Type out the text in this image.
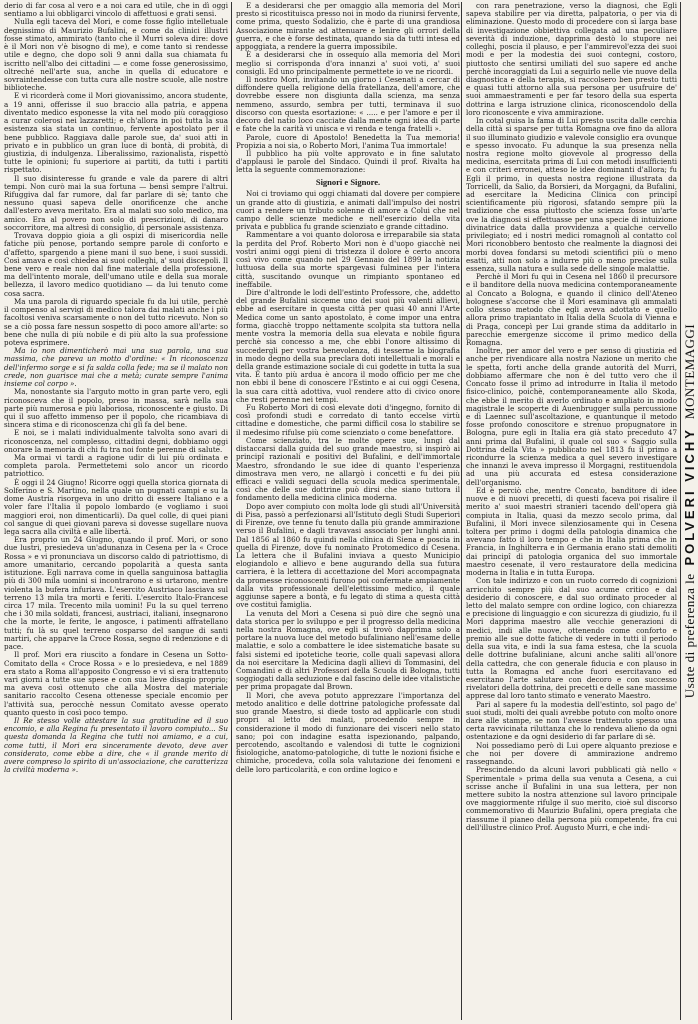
derio di far cosa al vero e a noi cara ed utile, che in dì oggi sentiamo a lui obbligarci vincolo di affettuosi e grati sensi.

Nulla egli taceva del Mori, e come fosse figlio intelletuale degnissimo di Maurizio Bufalini, e come da clinici illustri fosse stimato, ammirato (tanto che il Murri soleva dire: dove è il Mori non v'è bisogno di me), e come tanto si rendesse utile e degno, che dopo soli 9 anni dalla sua chiamata fu iscritto nell'albo dei cittadini — e come fosse generosissimo, oltreché nell'arte sua, anche in quella di educatore e sovraintendesse con tutta cura alle nostre scuole, alle nostre biblioteche.

E vi ricorderà come il Mori giovanissimo, ancora studente, a 19 anni, offerisse il suo braccio alla patria, e appena diventato medico esponesse la vita nel modo più coraggioso a curar colerosi nei lazzaretti; e ch'allora in poi tutta la sua esistenza sia stata un continuo, fervente apostolato per il bene pubblico. Raggiava dalle parole sue, da' suoi atti in privato e in pubblico un gran luce di bontà, di probità, di giustizia, di indulgenza. Liberalissimo, razionalista, rispettò tutte le opinioni; fu superiore ai partiti, da tutti i partiti rispettato.

Il suo disinteresse fu grande e vale da parere di altri tempi. Non curò mai la sua fortuna — bensì sempre l'altrui. Rifuggiva dal far rumore, dal far parlare di sè; tanto che nessuno quasi sapeva delle onorificenze che anche dall'estero aveva meritato. Era al malati suo solo medico, ma amico. Era al povero non solo di prescrizioni, di danaro soccorritore, ma altresì di consiglio, di personale assistenza.

Trovava doppio gioia a gli ospizi di misericordia nelle fatiche più penose, portando sempre parole di conforto e d'affetto, spargendo a piene mani il suo bene, i suoi sussidi. Così amava e così chiedea ai suoi colleghi, a' suoi discepoli. Il bene vero e reale non dal fine materiale della professione, ma dell'intento morale, dell'umano utile e della sua morale bellezza, il lavoro medico quotidiano — da lui tenuto come cosa sacra.

Ma una parola di riguardo speciale fu da lui utile, perchè il compenso al servigi di medico talora dai malati anche i più facoltosi veniva scarsamente o non del tutto ricevuto. Non so se a ciò possa fare nessun sospetto di poco amore all'arte: so bene che nulla di più nobile e di più alto la sua professione poteva esprimere.

Ma io non dimenticherò mai una sua parola, una sua massima, che pareva un motto d'ordine: « In riconoscenza dell'infermo sorge e si fa salda colla fede; ma se il malato non crede, non guarisce mai che a metà; curate sempre l'anima insieme col corpo ».

Ma, nonostante sia l'arguto motto in gran parte vero, egli riconosceva che il popolo, preso in massa, sarà nella sua parte più numerosa e più laboriosa, riconoscente e giusto. Di qui il suo affetto immenso per il popolo, che ricambiava di sincera stima e di riconoscenza chi gli fa del bene.

E noi, se i malati individualmente talvolta sono avari di riconoscenza, nel complesso, cittadini degni, dobbiamo oggi onorare la memoria di chi fu tra noi fonte perenne di salute.

Ma ormai vi tardi a ragione udir di lui più ordinata e completa parola. Permettetemi solo ancor un ricordo patriottico.

È oggi il 24 Giugno! Ricorre oggi quella storica giornata di Solferino e S. Martino, nella quale un pugnati campi e su la dome Austria risorgeva in uno dritto di essere Italiano e a voler fare l'Italia il popolo lombardo (e vogliamo i suoi maggiori eroi, non dimenticarli). Da quel colle, di quei piani col sangue di quei giovani pareva si dovesse sugellare nuova lega sacra alla civiltà e alle libertà.

Era proprio un 24 Giugno, quando il prof. Mori, or sono due lustri, presiedeva un'adunanza in Cesena per la « Croce Rossa » e vi pronunciava un discorso caldo di patriottismo, di amore umanitario, cercando popolarità a questa santa istituzione. Egli narrava come in quella sanguinosa battaglia più di 300 mila uomini si incontrarono e si urtarono, mentre violenta la bufera infuriava. L'esercito Austriaco lasciava sul terreno 13 mila tra morti e feriti. L'esercito Italo-Francese circa 17 mila. Trecento mila uomini! Fu la su quel terreno che i 30 mila soldati, francesi, austriaci, italiani, insegnarono che la morte, le ferite, le angosce, i patimenti affratellano tutti; fu là su quel terreno cosparso del sangue di santi martiri, che apparve la Croce Rossa, segno di redenzione e di pace.

Il prof. Mori era riuscito a fondare in Cesena un Sotto-Comitato della « Croce Rossa » e lo presiedeva, e nel 1889 era stato a Roma all'apposito Congresso e vi si era trattenuto vari giorni a tutte sue spese e con sua lieve disagio proprio; ma aveva così ottenuto che alla Mostra del materiale sanitario raccolto Cesena ottenesse speciale encomio per l'attività sua, perocchè nessun Comitato avesse operato quanto questo in così poco tempo.

Il Re stesso volle attestare la sua gratitudine ed il suo encomio, e alla Regina fu presentato il lavoro compiuto... Su questa domanda la Regina che tutti noi amiamo, e a cui, come tutti, il Mori era sinceramente devoto, deve aver considerato, come ebbe a dire, che « il grande merito di avere compreso lo spirito di un'associazione, che caratterizza la civiltà moderna ».

È a desiderarsi che per omaggio alla memoria del Mori presto si ricostituisca presso noi in modo da riunirsi fervente, come prima, questo Sodalizio, che è parte di una grandiosa Associazione mirante ad attenuare e lenire gli orrori della guerra, e che è forse destinata, quando sia da tutti intesa ed appoggiata, a rendere la guerra impossibile.

È a desiderarsi che in ossequio alla memoria del Mori meglio si corrisponda d'ora innanzi a' suoi voti, a' suoi consigli. Ed uno principalmente permettete io ve ne ricordi.

Il nostro Mori, invitando un giorno i Cesenati a cercar di diffondere quella religione della fratellanza, dell'amore, che dovrebbe essere non disgiunta dalla scienza, ma senza nemmeno, assurdo, sembra per tutti, terminava il suo discorso con questa esortazione: « ..... e per l'amore e per il decoro del natio loco cacciate dalla mente ogni idea di parte e fate che la carità vi unisca e vi renda e tenga fratelli ».

Parole, cuore di Apostolo! Benedetta la Tua memoria! Propizia a noi sia, o Roberto Mori, l'anima Tua immortale!

Il pubblico ha più volte approvato e in fine salutato d'applausi le parole del Sindaco. Quindi il prof. Rivalta ha letta la seguente commemorazione:

Signori e Signore.

Noi ci troviamo qui oggi chiamati dal dovere per compiere un grande atto di giustizia, e animati dall'impulso dei nostri cuori a rendere un tributo solenne di amore a Colui che nel campo delle scienze mediche e nell'esercizio della vita privata e pubblica fu grande scienziato e grande cittadino.

Rammentare a voi quanto dolorosa e irreparabile sia stata la perdita del Prof. Roberto Mori non è d'uopo giacchè nei vostri animi oggi pieni di tristezza il dolore è certo ancora così vivo come quando nel 29 Gennaio del 1899 la notizia luttuosa della sua morte spargevasi fulminea per l'intera città, suscitando ovunque un rimpianto spontaneo ed ineffabile.

Dire d'altronde le lodi dell'estinto Professore, che, addetto del grande Bufalini sicceme uno dei suoi più valenti allievi, ebbe ad esercitare in questa città per quasi 40 anni l'Arte Medica come un santo apostolato, è come impor una entra forma, giacchè troppo nettamente scolpita sta tuttora nella mente vostra la memoria della sua elevata e nobile figura perchè sia concesso a me, che ebbi l'onore altissimo di succedergli per vostra benevolenza, di tesserne la biografia in modo degno della sua preclara doti intellettuali e morali e della grande estimazione sociale di cui godette in tutta la sua vita. E tanto più ardua è ancora il modo officio per me che non ebbi il bene di conoscere l'Estinto e ai cui oggi Cesena, la sua cara città adottiva, vuol rendere atto di civico onore che resti perenne nei tempi.

Fu Roberto Mori di così elevate doti d'ingegno, fornito di così profondi studi e corredato di tanto eccelse virtù cittadine e domestiche, che parmi difficil cosa lo stabilire se il medesimo rifulse più come scienziato o come benefattore.

Come scienziato, tra le molte opere sue, lungi dal distaccarsi dalla guida del suo grande maestro, si inspirò ai principî razionali e positivi del Bufalini, e dell'immortale Maestro, sfrondando le sue idee di quanto l'esperienza dimostrava men vero, ne allargò i concetti e fu dei più efficaci e validi seguaci della scuola medica sperimentale, così che delle sue dottrine può dirsi che siano tuttora il fondamento della medicina clinica moderna.

Dopo aver compiuto con molta lode gli studi all'Università di Pisa, passò a perfezionarsi all'Istituto degli Studi Superiori di Firenze, ove tenne fu tenuto dalla più grande ammirazione verso il Bufalini, e dagli travavasi associato per lunghi anni. Dal 1856 al 1860 fu quindi nella clinica di Siena e poscia in quella di Firenze, dove fu nominato Protomedico di Cesena. La lettera che il Bufalini inviava a questo Municipio elogiandolo e allievo e bene augurando della sua futura carriera, è la lettera di accettazione del Mori accompagnata da promesse riconoscenti furono poi confermate ampiamente dalla vita professionale dell'elettissimo medico, il quale aggiunse sapere a bontà, e fu legato di stima a questa città ove costituì famiglia.

La venuta del Mori a Cesena si può dire che segnò una data storica per lo sviluppo e per il progresso della medicina nella nostra Romagna, ove egli si trovò dapprima solo a portare la nuova luce del metodo bufaliniano nell'esame delle malattie, e solo a combattere le idee sistematiche basate su falsi sistemi ed ipotetiche teorie, colle quali sapevasi allora da noi esercitare la Medicina dagli allievi di Tommasini, del Comandini e di altri Professori della Scuola di Bologna, tutti soggiogati dalla seduzione e dal fascino delle idee vitalistiche per prima propagate dal Brown.

Il Mori, che aveva potuto apprezzare l'importanza del metodo analitico e delle dottrine patologiche professate dal suo grande Maestro, si diede tosto ad applicarle con studi propri al letto dei malati, procedendo sempre in considerazione il modo di funzionare dei visceri nello stato sano; poi con indagine esatta ispezionando, palpando, percotendo, ascoltando e valendosi di tutte le cognizioni fisiologiche, anatomo-patologiche, di tutte le nozioni fisiche e chimiche, procedeva, colla sola valutazione dei fenomeni e delle loro particolarità, e con ordine logico e

con rara penetrazione, verso la diagnosi, che Egli sapeva stabilire per via diretta, palpatoria, o per via di eliminazione. Questo modo di procedere con sì larga base di investigazione obbiettiva collegata ad una peculiare severità di induzione, dapprima destò lo stupore nei colleghi, poscia il plauso, e per l'ammirevol'ezza dei suoi modi e per la modestia dei suoi contegni, costoro, piuttosto che sentirsi umiliati del suo sapere ed anche perchè incoraggiati da Lui a seguirlo nelle vie nuove della diagnostica e della terapia, si raccolsero ben presto tutti e quasi tutti attorno alla sua persona per usufruire de' suoi ammaestramenti e per far tesoro della sua esperta dottrina e larga istruzione clinica, riconoscendolo della loro riconoscente e viva ammirazione.

In cotal guisa la fama di Lui presto uscita dalle cerchia della città si sparse per tutta Romagna ove fino da allora il suo illuminato giudizio e valevole consiglio era ovunque e spesso invocato. Fu adunque la sua presenza nella nostra regione molto giovevole al progresso della medicina, esercitata prima di Lui con metodi insufficienti e con criteri erronei, atteso le idee dominanti d'allora; fu Egli il primo, in questa nostra regione illustrata da Torricelli, da Salio, da Borsieri, da Morgagni, da Bufalini, ad esercitare la Medicina Clinica con principî scientificamente più rigorosi, sfatando sempre più la tradizione che essa piuttosto che scienza fosse un'arte ove la diagnosi si effettuasse per una specie di intuizione divinatrice data dalla provvidenza a qualche cervello privilegiato; ed i nostri medici romagnoli al contatto col Mori riconobbero bentosto che realmente la diagnosi dei morbi dovea fondarsi su metodi scientifici più o meno esatti, atti non solo a indurre più o meno precise sulla essenza, sulla natura e sulla sede delle singole malattie.

Perchè il Mori fu qui in Cesena nel 1860 il precursore e il banditore della nuova medicina contemporaneamente al Concato a Bologna, e quando il clinico dell'Ateneo bolognese s'accorse che il Mori esaminava gli ammalati collo stesso metodo che egli aveva adottato e quello allora primo trapiantato in Italia della Scuola di Vienna e di Praga, concepì per Lui grande stima da additarlo in parecchie emergenze siccome il primo medico della Romagna.

Inoltre, per amor del vero e per senso di giustizia ed anche per rivendicare alla nostra Nazione un merito che le spetta, forti anche della grande autorità del Murri, dobbiamo affermare che non è del tutto vero che il Concato fosse il primo ad introdurre in Italia il metodo fisico-clinico, poichè, contemporaneamente allo Skoda, che ebbe il merito di averlo ordinato e ampliato in modo magistrale le scoperte di Auenbrugger sulla percussione e di Laennec sull'ascoltazione, e quantunque il metodo fosse profondo conoscitore e strenuo propugnatore in Bologna, pure egli in Italia era già stato preceduto 47 anni prima dal Bufalini, il quale col suo « Saggio sulla Dottrina della Vita » pubblicato nel 1813 fu il primo a ricondurre la scienza medica a quel severo investigare che innanzi le aveva impresso il Morgagni, restituendola ad una più accurata ed estesa considerazione dell'organismo.

Ed è perciò che, mentre Concato, banditore di idee nuove e di nuovi precetti, di questi faceva poi risalire il merito a' suoi maestri stranieri tacendo dell'opera già compiuta in Italia, quasi da mezzo secolo prima, dal Bufalini, il Mori invece silenziosamente qui in Cesena toltera per primo i dogmi della patologia dinamica che avevano fatto il loro tempo e che in Italia prima che in Francia, in Inghilterra e in Germania erano stati demoliti dai principî di patologia organica del suo immortale maestro cesenate, il vero restauratore della medicina moderna in Italia e in tutta Europa.

Con tale indirizzo e con un ruoto corredo di cognizioni arricchito sempre più dal suo acume critico e dal desiderio di conoscere, e dal suo ordinato proceder al letto del malato sempre con ordine logico, con chiarezza e precisione di linguaggio e con sicurezza di giudizio, fu il Mori dapprima maestro alle vecchie generazioni di medici, indi alle nuove, ottenendo come conforto e premio alle sue dotte fatiche di vedere in tutti il periodo della sua vita, e indi la sua fama estesa, che la scuola delle dottrine bufaliniane, alcuni anche saliti all'onore della cattedra, che con generale fiducia e con plauso in tutta la Romagna ed anche fuori esercitavano ed esercitano l'arte salutare con decoro e con successo rivelatori della dottrina, dei precetti e delle sane massime apprese dal loro tanto stimato e venerato Maestro.

Pari al sapere fu la modestia dell'estinto, sol pago de' suoi studi, molti dei quali avrebbe potuto con molto onore dare alle stampe, se non l'avesse trattenuto spesso una certa ravvicinata riluttanza che lo rendeva alieno da ogni ostentazione e da ogni desiderio di far parlare di sè.

Noi possediamo però di Lui opere alquanto preziose e che noi per dovere di ammirazione andremo rassegnando.

Prescindendo da alcuni lavori pubblicati già nello « Sperimentale » prima della sua venuta a Cesena, a cui scrisse anche il Bufalini in una sua lettera, per non mettere subito la nostra attenzione sul lavoro principale ove maggiormente rifulge il suo merito, cioè sul discorso commemorativo di Maurizio Bufalini, opera pregiata che riassume il pianeo della persona più competente, fra cui dell'illustre clinico Prof. Augusto Murri, e che indi-

Usate di preferenza lePOLVERI VICHYMONTEMAGGI
